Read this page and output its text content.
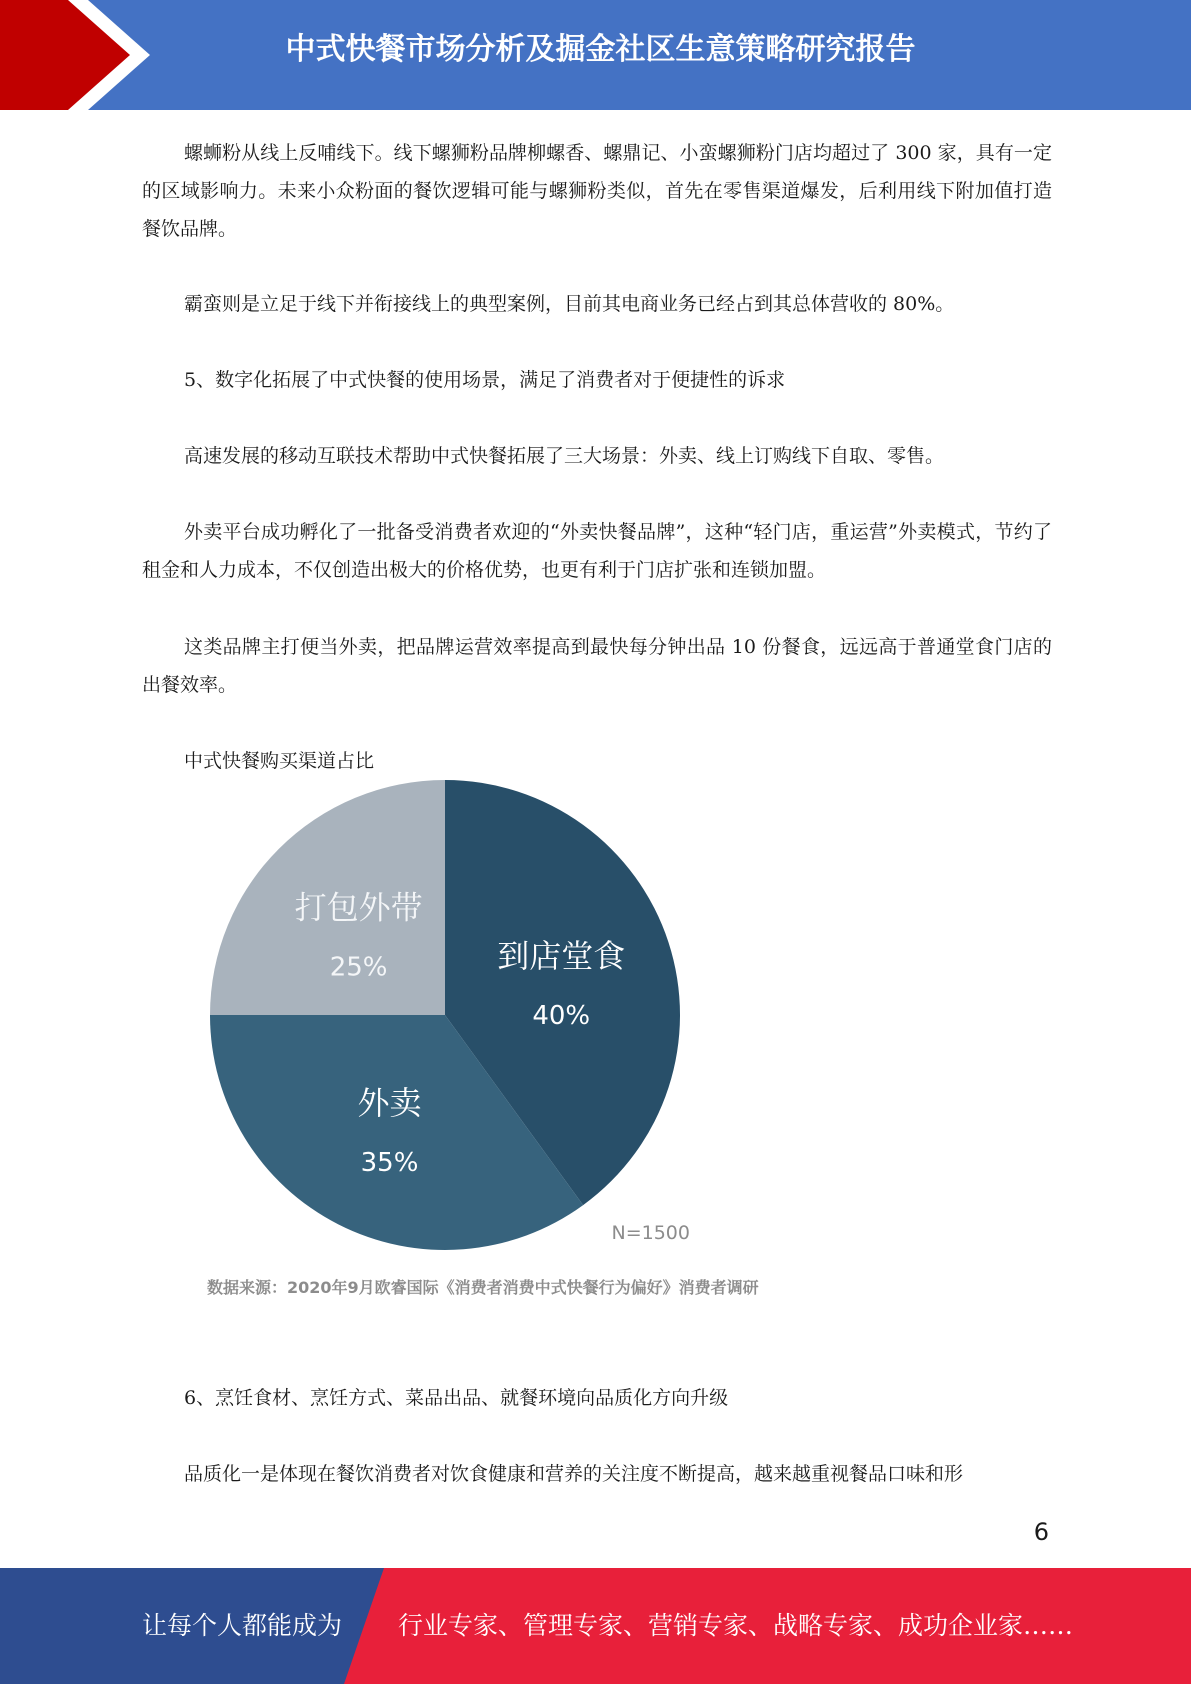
中式快餐市场分析及掘金社区生意策略研究报告

螺蛳粉从线上反哺线下。线下螺狮粉品牌柳螺香、螺鼎记、小蛮螺狮粉门店均超过了 300 家，具有一定的区域影响力。未来小众粉面的餐饮逻辑可能与螺狮粉类似，首先在零售渠道爆发，后利用线下附加值打造餐饮品牌。

霸蛮则是立足于线下并衔接线上的典型案例，目前其电商业务已经占到其总体营收的 80%。

5、数字化拓展了中式快餐的使用场景，满足了消费者对于便捷性的诉求

高速发展的移动互联技术帮助中式快餐拓展了三大场景：外卖、线上订购线下自取、零售。

外卖平台成功孵化了一批备受消费者欢迎的“外卖快餐品牌”，这种“轻门店，重运营”外卖模式，节约了租金和人力成本，不仅创造出极大的价格优势，也更有利于门店扩张和连锁加盟。

这类品牌主打便当外卖，把品牌运营效率提高到最快每分钟出品 10 份餐食，远远高于普通堂食门店的出餐效率。

中式快餐购买渠道占比

到店堂食
40%
外卖
35%
打包外带
25%
N=1500

数据来源：2020年9月欧睿国际《消费者消费中式快餐行为偏好》消费者调研

6、烹饪食材、烹饪方式、菜品出品、就餐环境向品质化方向升级

品质化一是体现在餐饮消费者对饮食健康和营养的关注度不断提高，越来越重视餐品口味和形

6
让每个人都能成为 行业专家、管理专家、营销专家、战略专家、成功企业家……
